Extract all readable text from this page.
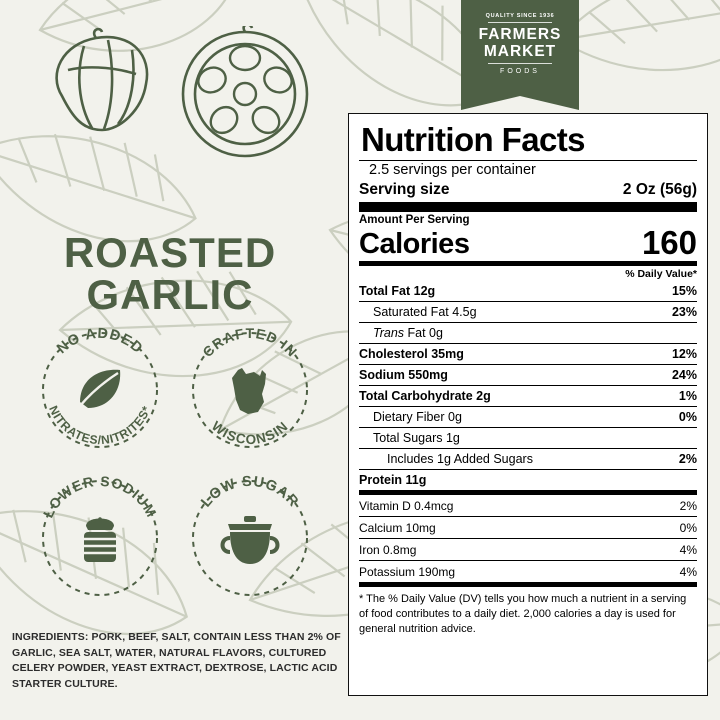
QUALITY SINCE 1936
FARMERS
MARKET
FOODS
ROASTED
GARLIC
NO ADDED
NITRATES/NITRITES*
CRAFTED IN
WISCONSIN
LOWER SODIUM	LOW SUGAR
INGREDIENTS: PORK, BEEF, SALT, CONTAIN LESS THAN 2% OF GARLIC, SEA SALT, WATER, NATURAL FLAVORS, CULTURED CELERY POWDER, YEAST EXTRACT, DEXTROSE, LACTIC ACID STARTER CULTURE.
Nutrition Facts
2.5 servings per container
Serving size	2 Oz (56g)
Amount Per Serving
Calories	160
% Daily Value*
Total Fat 12g	15%
Saturated Fat 4.5g	23%
Trans Fat 0g
Cholesterol 35mg	12%
Sodium 550mg	24%
Total Carbohydrate 2g	1%
Dietary Fiber 0g	0%
Total Sugars 1g
Includes 1g Added Sugars	2%
Protein 11g
Vitamin D 0.4mcg	2%
Calcium 10mg	0%
Iron 0.8mg	4%
Potassium 190mg	4%
* The % Daily Value (DV) tells you how much a nutrient in a serving of food contributes to a daily diet. 2,000 calories a day is used for general nutrition advice.
